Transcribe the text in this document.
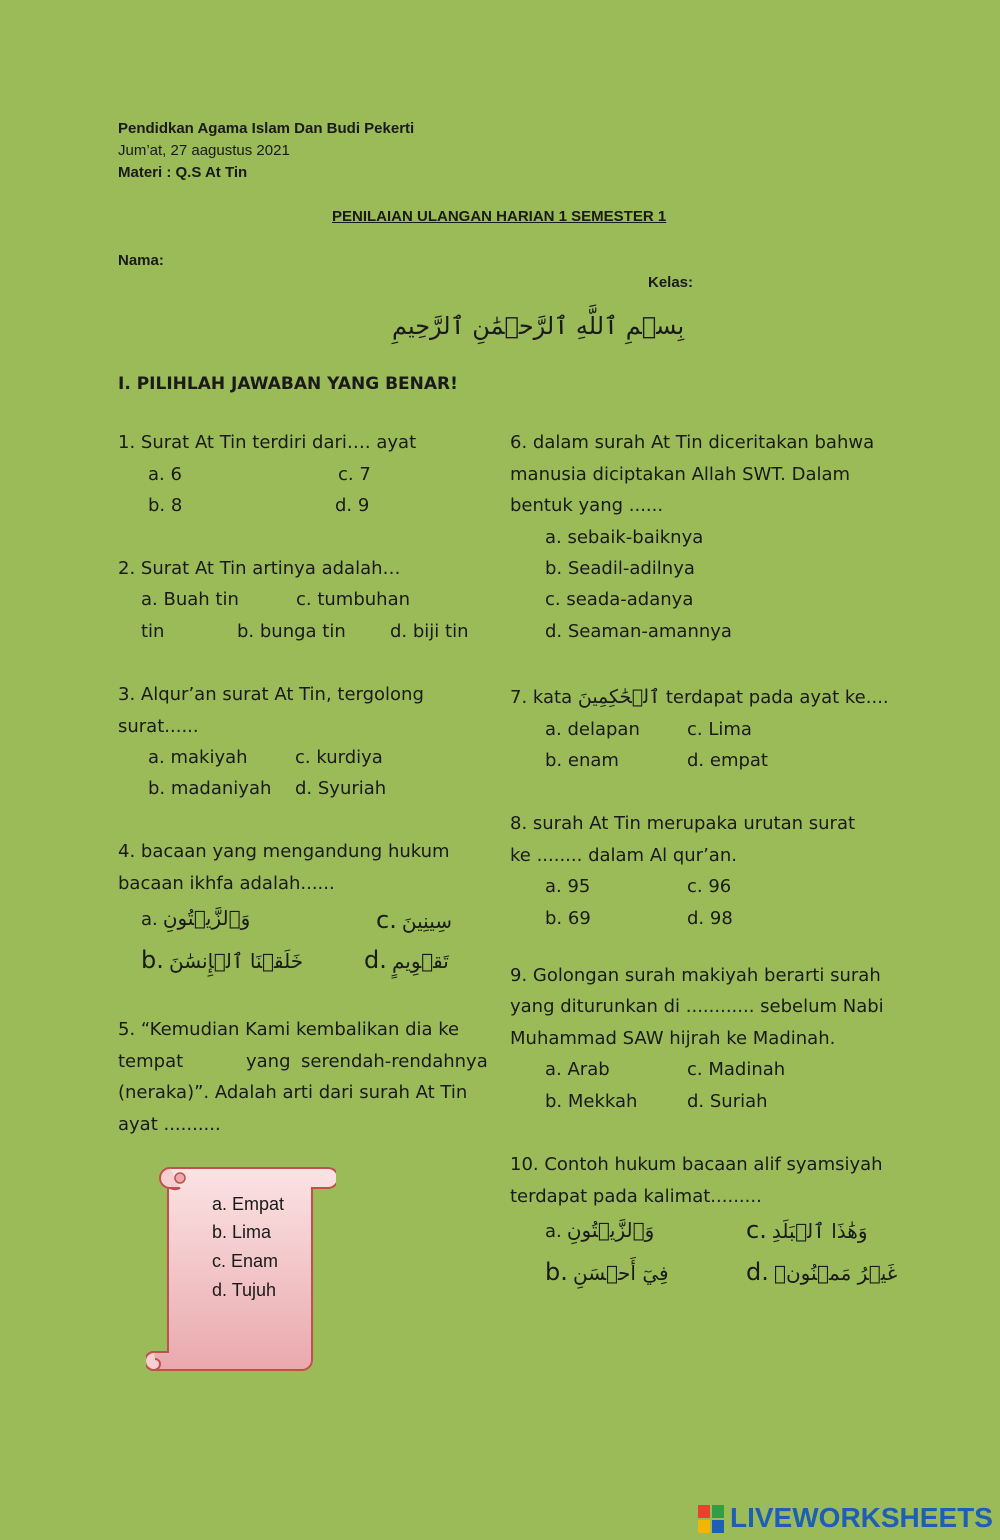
Pendidkan Agama Islam Dan Budi Pekerti
Jum’at, 27 aagustus 2021
Materi : Q.S At Tin
PENILAIAN ULANGAN HARIAN 1 SEMESTER 1
Nama:
Kelas:
بِسۡمِ ٱللَّهِ ٱلرَّحۡمَٰنِ ٱلرَّحِيمِ
I. PILIHLAH JAWABAN YANG BENAR!
1. Surat At Tin terdiri dari…. ayat
a. 6	c. 7
b. 8	d. 9
2. Surat At Tin artinya adalah…
a. Buah tin	c. tumbuhan
tin	b. bunga tin d. biji tin
3. Alqur’an surat At Tin, tergolong
surat......
a. makiyah	c. kurdiya
b. madaniyah d. Syuriah
4. bacaan yang mengandung hukum
bacaan ikhfa adalah......
a. وَٱلزَّيۡتُونِ	c. سِينِينَ
b. خَلَقۡنَا ٱلۡإِنسَٰنَ	d. تَقۡوِيمٍ
5. “Kemudian Kami kembalikan dia ke
tempat	yang serendah-rendahnya
(neraka)”. Adalah arti dari surah At Tin
ayat ..........
a. Empat
b. Lima
c. Enam
d. Tujuh
6. dalam surah At Tin diceritakan bahwa
manusia diciptakan Allah SWT. Dalam
bentuk yang ......
a. sebaik-baiknya
b. Seadil-adilnya
c. seada-adanya
d. Seaman-amannya
7. kata ٱلۡحَٰكِمِينَ terdapat pada ayat ke....
a. delapan	c. Lima
b. enam	d. empat
8. surah At Tin merupaka urutan surat
ke ........ dalam Al qur’an.
a. 95	c. 96
b. 69	d. 98
9. Golongan surah makiyah berarti surah
yang diturunkan di ............ sebelum Nabi
Muhammad SAW hijrah ke Madinah.
a. Arab	c. Madinah
b. Mekkah	d. Suriah
10. Contoh hukum bacaan alif syamsiyah
terdapat pada kalimat.........
a. وَٱلزَّيۡتُونِ	c. وَهَٰذَا ٱلۡبَلَدِ
b. فِيٓ أَحۡسَنِ	d. غَيۡرُ مَمۡنُونٖ
LIVEWORKSHEETS
